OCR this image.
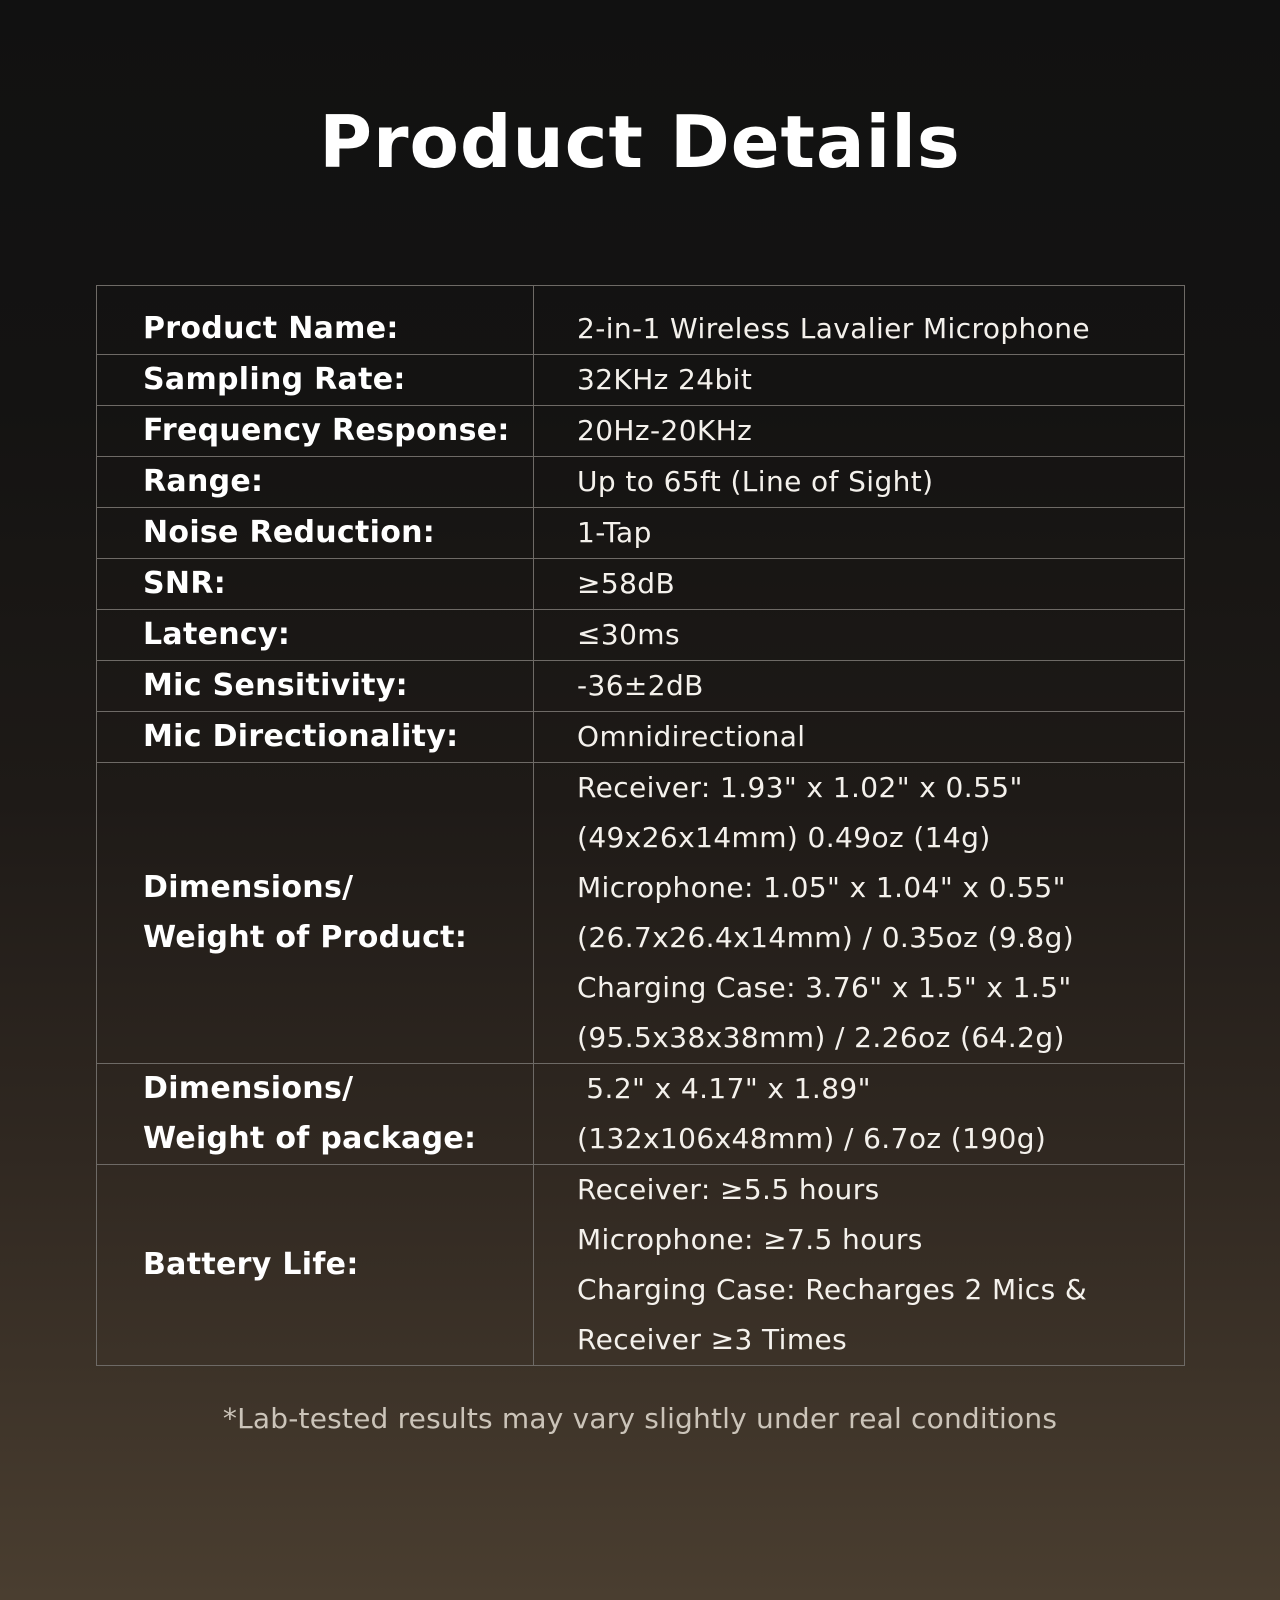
Product Details
Product Name:	2-in-1 Wireless Lavalier Microphone

Sampling Rate:	32KHz 24bit

Frequency Response:	20Hz-20KHz

Range:	Up to 65ft (Line of Sight)

Noise Reduction:	1-Tap

SNR:	≥58dB

Latency:	≤30ms

Mic Sensitivity:	-36±2dB

Mic Directionality:	Omnidirectional

Dimensions/
Weight of Product:

Receiver: 1.93" x 1.02" x 0.55"
(49x26x14mm) 0.49oz (14g)
Microphone: 1.05" x 1.04" x 0.55"
(26.7x26.4x14mm) / 0.35oz (9.8g)
Charging Case: 3.76" x 1.5" x 1.5"
(95.5x38x38mm) / 2.26oz (64.2g)

Dimensions/
Weight of package:	5.2" x 4.17" x 1.89"
(132x106x48mm) / 6.7oz (190g)

Battery Life:	Receiver: ≥5.5 hours
Microphone: ≥7.5 hours
Charging Case: Recharges 2 Mics &
Receiver ≥3 Times

*Lab-tested results may vary slightly under real conditions
